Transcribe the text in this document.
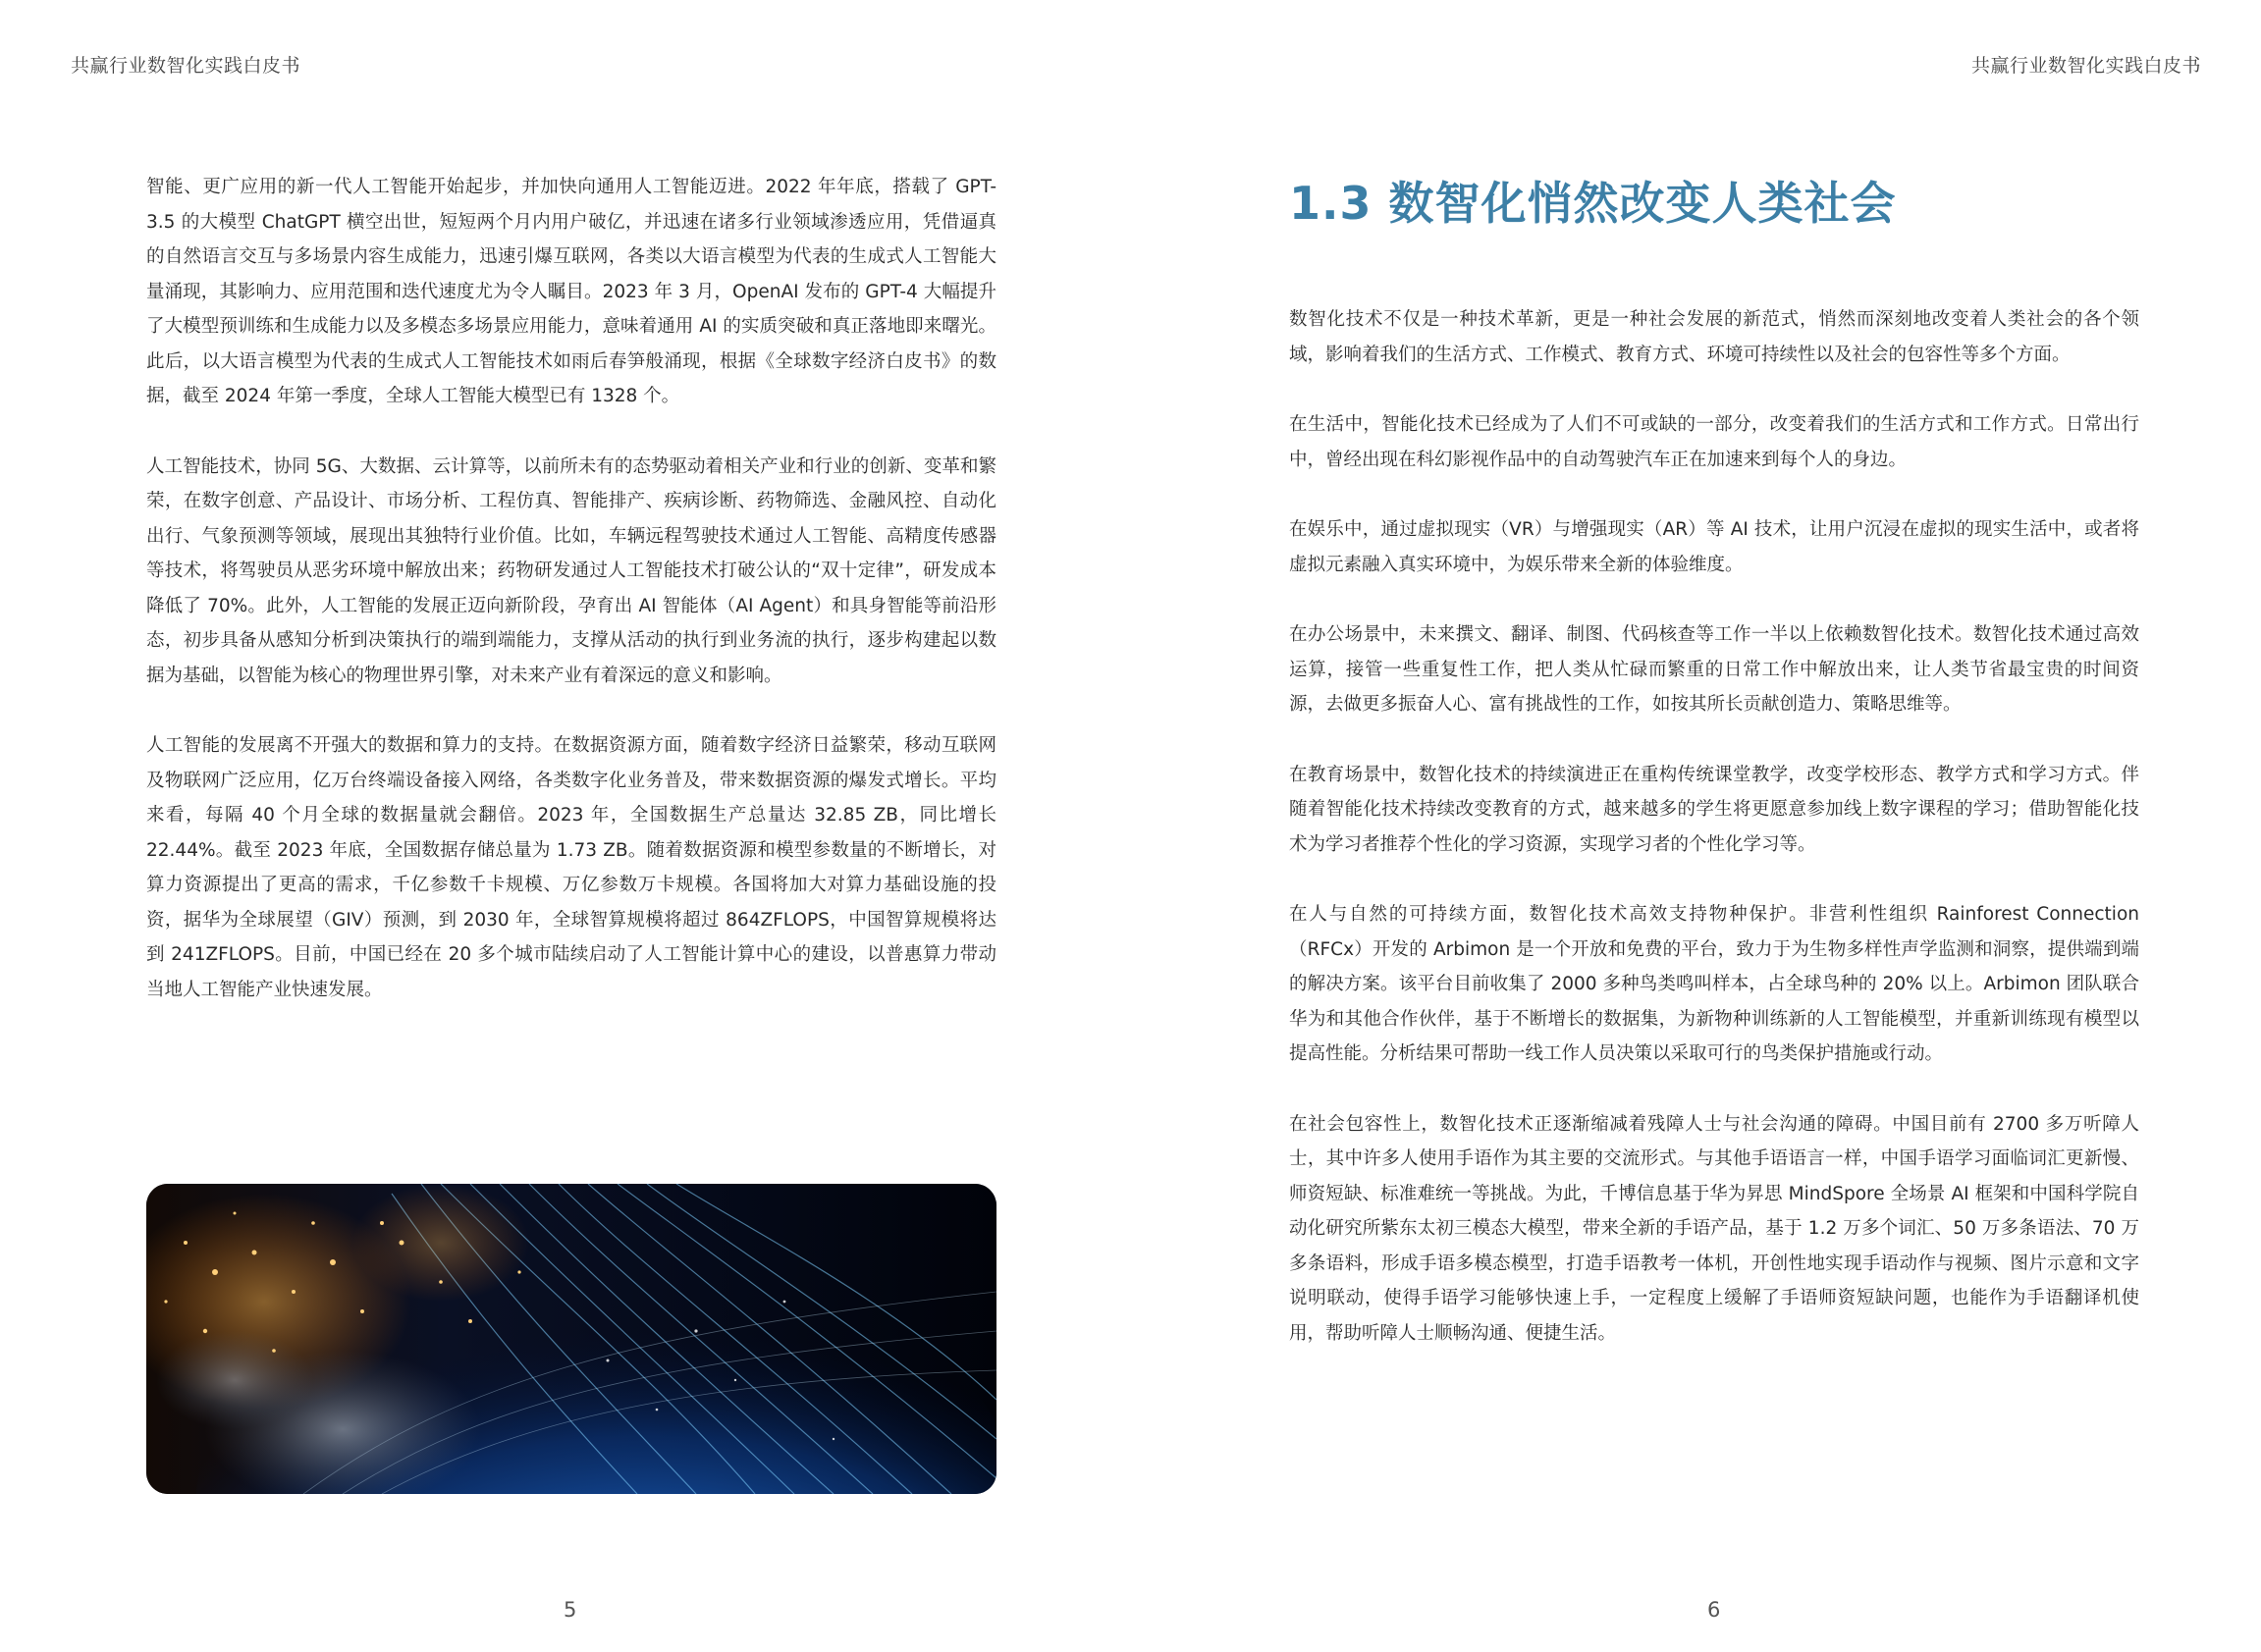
共赢行业数智化实践白皮书

智能、更广应用的新一代人工智能开始起步，并加快向通用人工智能迈进。2022 年年底，搭载了 GPT-3.5 的大模型 ChatGPT 横空出世，短短两个月内用户破亿，并迅速在诸多行业领域渗透应用，凭借逼真的自然语言交互与多场景内容生成能力，迅速引爆互联网，各类以大语言模型为代表的生成式人工智能大量涌现，其影响力、应用范围和迭代速度尤为令人瞩目。2023 年 3 月，OpenAI 发布的 GPT-4 大幅提升了大模型预训练和生成能力以及多模态多场景应用能力，意味着通用 AI 的实质突破和真正落地即来曙光。此后，以大语言模型为代表的生成式人工智能技术如雨后春笋般涌现，根据《全球数字经济白皮书》的数据，截至 2024 年第一季度，全球人工智能大模型已有 1328 个。

人工智能技术，协同 5G、大数据、云计算等，以前所未有的态势驱动着相关产业和行业的创新、变革和繁荣，在数字创意、产品设计、市场分析、工程仿真、智能排产、疾病诊断、药物筛选、金融风控、自动化出行、气象预测等领域，展现出其独特行业价值。比如，车辆远程驾驶技术通过人工智能、高精度传感器等技术，将驾驶员从恶劣环境中解放出来；药物研发通过人工智能技术打破公认的“双十定律”，研发成本降低了 70%。此外，人工智能的发展正迈向新阶段，孕育出 AI 智能体（AI Agent）和具身智能等前沿形态，初步具备从感知分析到决策执行的端到端能力，支撑从活动的执行到业务流的执行，逐步构建起以数据为基础，以智能为核心的物理世界引擎，对未来产业有着深远的意义和影响。

人工智能的发展离不开强大的数据和算力的支持。在数据资源方面，随着数字经济日益繁荣，移动互联网及物联网广泛应用，亿万台终端设备接入网络，各类数字化业务普及，带来数据资源的爆发式增长。平均来看，每隔 40 个月全球的数据量就会翻倍。2023 年，全国数据生产总量达 32.85 ZB，同比增长 22.44%。截至 2023 年底，全国数据存储总量为 1.73 ZB。随着数据资源和模型参数量的不断增长，对算力资源提出了更高的需求，千亿参数千卡规模、万亿参数万卡规模。各国将加大对算力基础设施的投资，据华为全球展望（GIV）预测，到 2030 年，全球智算规模将超过 864ZFLOPS，中国智算规模将达到 241ZFLOPS。目前，中国已经在 20 多个城市陆续启动了人工智能计算中心的建设，以普惠算力带动当地人工智能产业快速发展。

5
共赢行业数智化实践白皮书
1.3 数智化悄然改变人类社会

数智化技术不仅是一种技术革新，更是一种社会发展的新范式，悄然而深刻地改变着人类社会的各个领域，影响着我们的生活方式、工作模式、教育方式、环境可持续性以及社会的包容性等多个方面。

在生活中，智能化技术已经成为了人们不可或缺的一部分，改变着我们的生活方式和工作方式。日常出行中，曾经出现在科幻影视作品中的自动驾驶汽车正在加速来到每个人的身边。

在娱乐中，通过虚拟现实（VR）与增强现实（AR）等 AI 技术，让用户沉浸在虚拟的现实生活中，或者将虚拟元素融入真实环境中，为娱乐带来全新的体验维度。

在办公场景中，未来撰文、翻译、制图、代码核查等工作一半以上依赖数智化技术。数智化技术通过高效运算，接管一些重复性工作，把人类从忙碌而繁重的日常工作中解放出来，让人类节省最宝贵的时间资源，去做更多振奋人心、富有挑战性的工作，如按其所长贡献创造力、策略思维等。

在教育场景中，数智化技术的持续演进正在重构传统课堂教学，改变学校形态、教学方式和学习方式。伴随着智能化技术持续改变教育的方式，越来越多的学生将更愿意参加线上数字课程的学习；借助智能化技术为学习者推荐个性化的学习资源，实现学习者的个性化学习等。

在人与自然的可持续方面，数智化技术高效支持物种保护。非营利性组织 Rainforest Connection（RFCx）开发的 Arbimon 是一个开放和免费的平台，致力于为生物多样性声学监测和洞察，提供端到端的解决方案。该平台目前收集了 2000 多种鸟类鸣叫样本，占全球鸟种的 20% 以上。Arbimon 团队联合华为和其他合作伙伴，基于不断增长的数据集，为新物种训练新的人工智能模型，并重新训练现有模型以提高性能。分析结果可帮助一线工作人员决策以采取可行的鸟类保护措施或行动。

在社会包容性上，数智化技术正逐渐缩减着残障人士与社会沟通的障碍。中国目前有 2700 多万听障人士，其中许多人使用手语作为其主要的交流形式。与其他手语语言一样，中国手语学习面临词汇更新慢、师资短缺、标准难统一等挑战。为此，千博信息基于华为昇思 MindSpore 全场景 AI 框架和中国科学院自动化研究所紫东太初三模态大模型，带来全新的手语产品，基于 1.2 万多个词汇、50 万多条语法、70 万多条语料，形成手语多模态模型，打造手语教考一体机，开创性地实现手语动作与视频、图片示意和文字说明联动，使得手语学习能够快速上手，一定程度上缓解了手语师资短缺问题，也能作为手语翻译机使用，帮助听障人士顺畅沟通、便捷生活。

6
